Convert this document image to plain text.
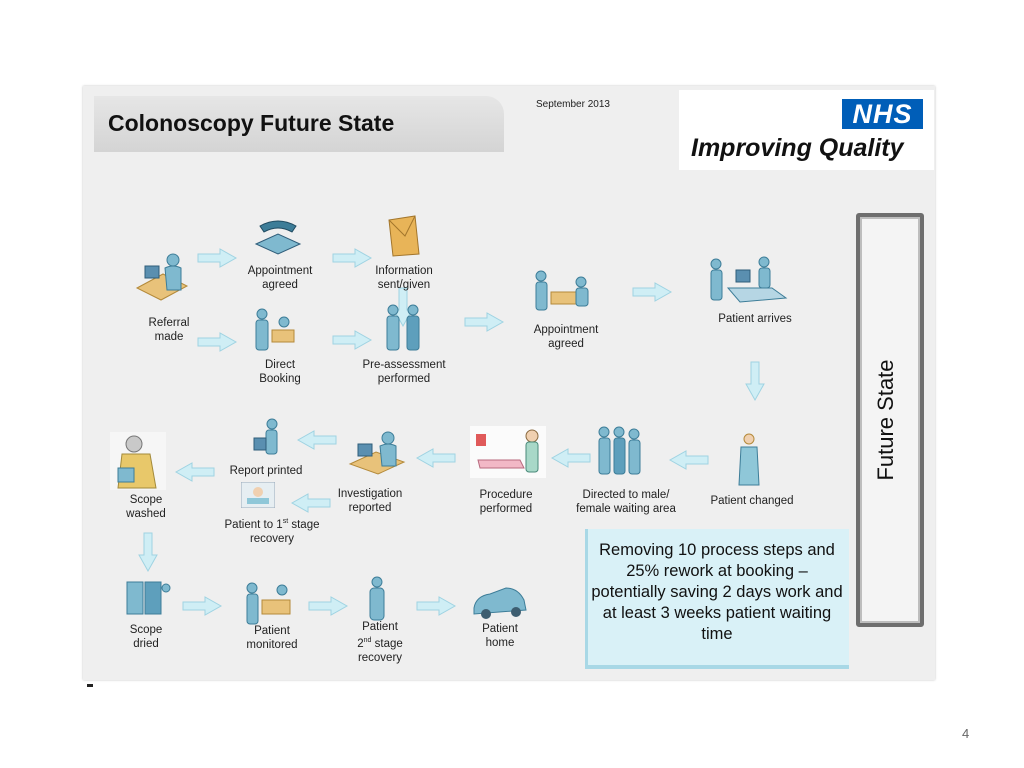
Colonoscopy Future State
September 2013	NHS
Improving Quality
Future State
Referral
made
Appointment
agreed
Direct
Booking
Information
sent/given
Pre-assessment
performed
Appointment
agreed
Patient arrives
Patient changed
Directed to male/
female waiting area
Procedure
performed
Investigation
reported
Report printed
Patient to 1st stage
recovery
Scope
washed
Scope
dried
Patient
monitored
Patient
2nd stage
recovery
Patient
home
Removing 10 process steps and 25% rework at booking – potentially saving 2 days work and at least 3 weeks patient waiting time
4
